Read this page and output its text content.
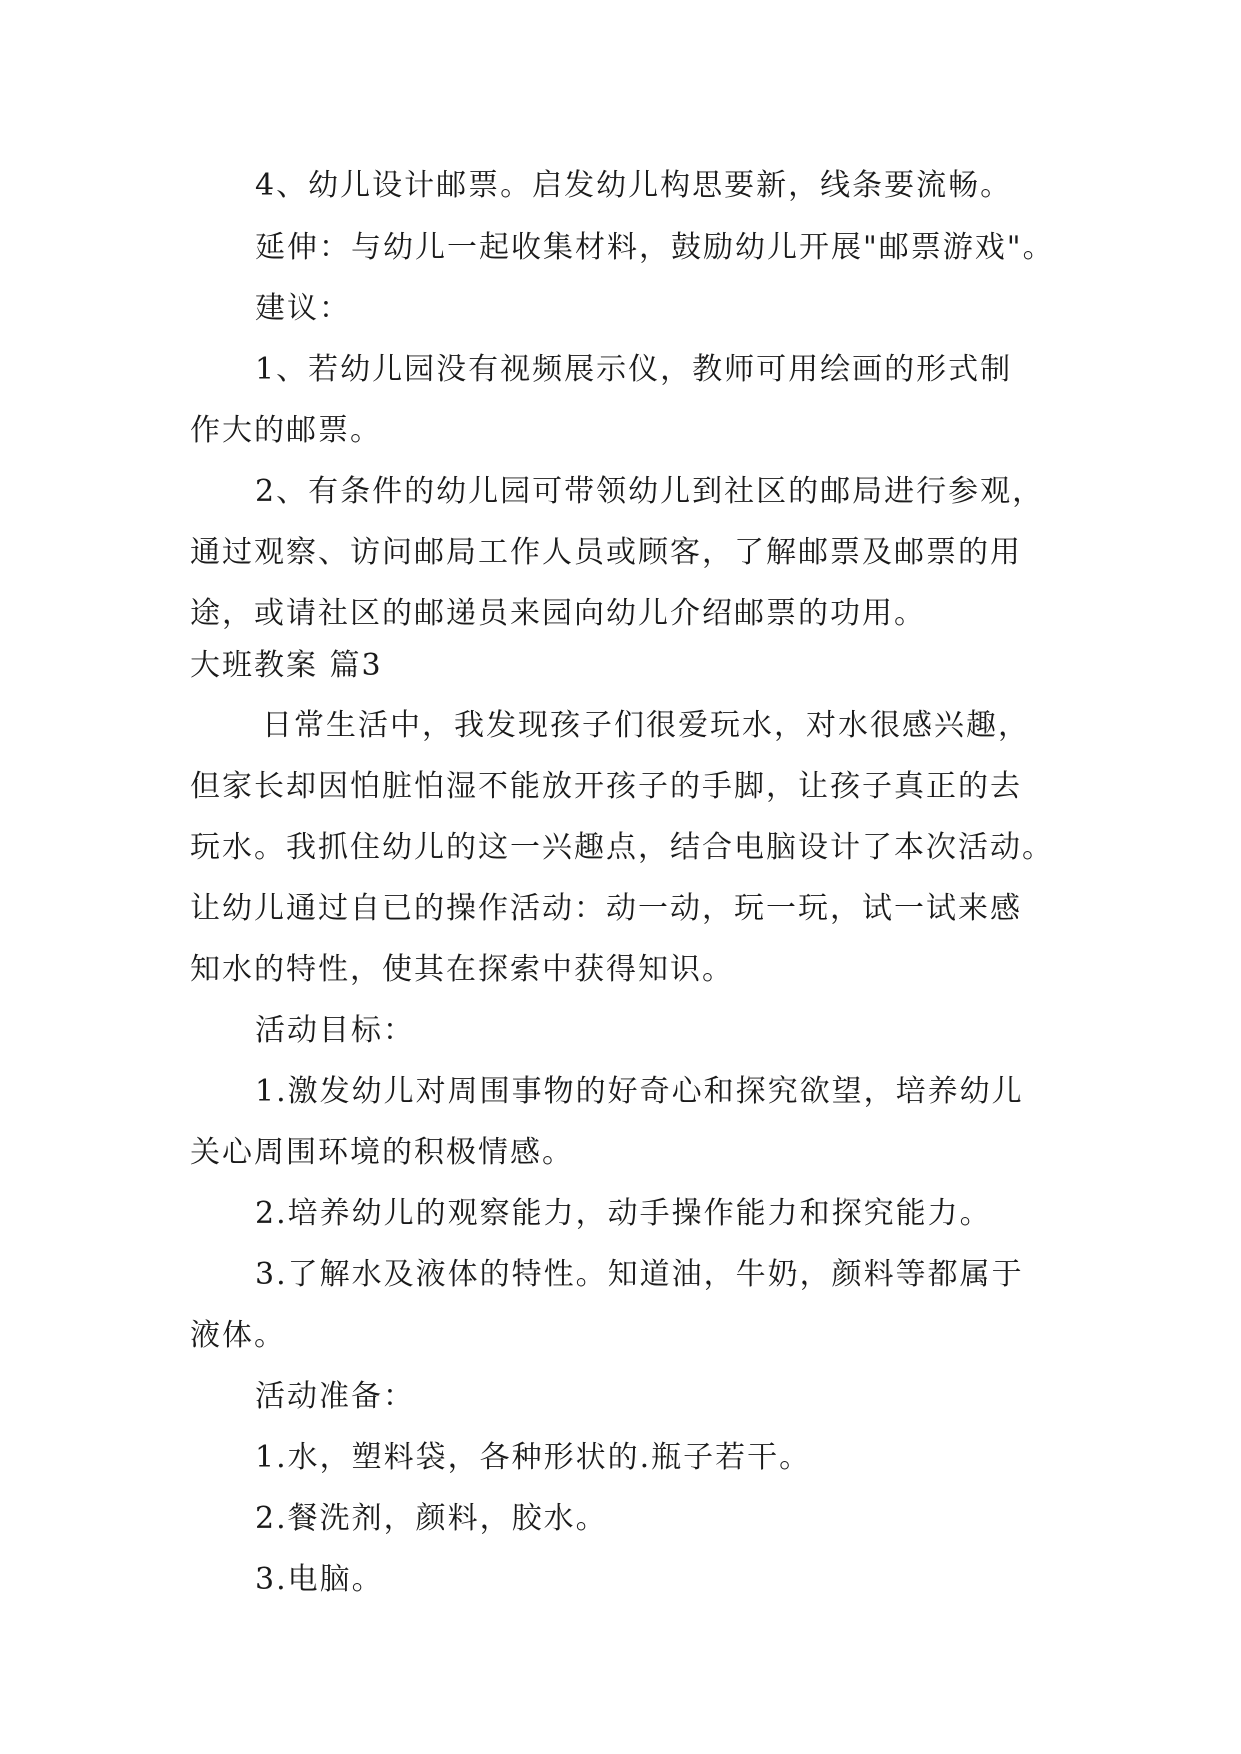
4、幼儿设计邮票。启发幼儿构思要新，线条要流畅。
延伸：与幼儿一起收集材料，鼓励幼儿开展"邮票游戏"。
建议：
1、若幼儿园没有视频展示仪，教师可用绘画的形式制
作大的邮票。
2、有条件的幼儿园可带领幼儿到社区的邮局进行参观，
通过观察、访问邮局工作人员或顾客，了解邮票及邮票的用
途，或请社区的邮递员来园向幼儿介绍邮票的功用。
大班教案 篇3
日常生活中，我发现孩子们很爱玩水，对水很感兴趣，
但家长却因怕脏怕湿不能放开孩子的手脚，让孩子真正的去
玩水。我抓住幼儿的这一兴趣点，结合电脑设计了本次活动。
让幼儿通过自已的操作活动：动一动，玩一玩，试一试来感
知水的特性，使其在探索中获得知识。
活动目标：
1.激发幼儿对周围事物的好奇心和探究欲望，培养幼儿
关心周围环境的积极情感。
2.培养幼儿的观察能力，动手操作能力和探究能力。
3.了解水及液体的特性。知道油，牛奶，颜料等都属于
液体。
活动准备：
1.水，塑料袋，各种形状的.瓶子若干。
2.餐洗剂，颜料，胶水。
3.电脑。
